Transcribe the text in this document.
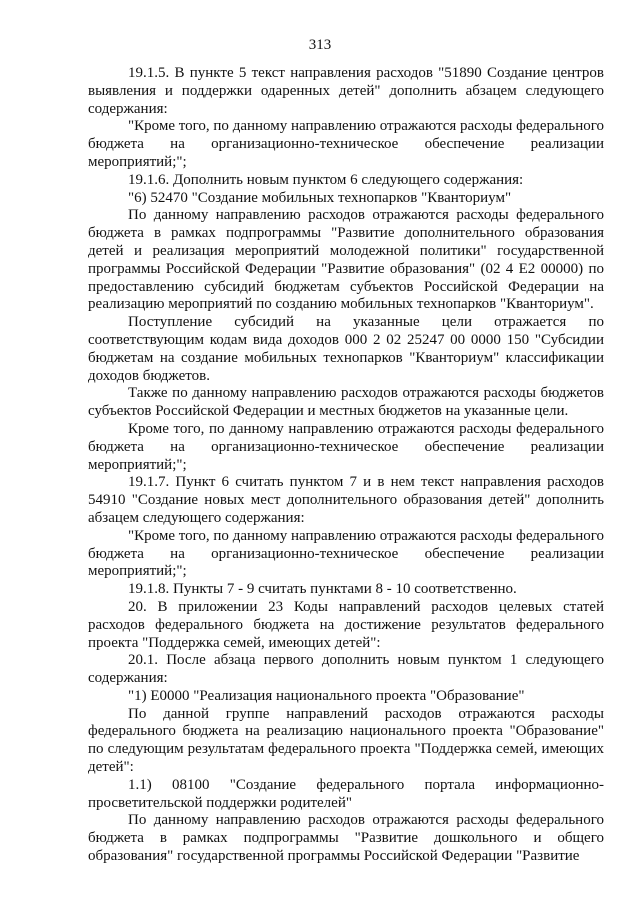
313

19.1.5. В пункте 5 текст направления расходов "51890 Создание центров выявления и поддержки одаренных детей" дополнить абзацем следующего содержания:

"Кроме того, по данному направлению отражаются расходы федерального бюджета на организационно-техническое обеспечение реализации мероприятий;";

19.1.6. Дополнить новым пунктом 6 следующего содержания:

"6) 52470 "Создание мобильных технопарков "Кванториум"

По данному направлению расходов отражаются расходы федерального бюджета в рамках подпрограммы "Развитие дополнительного образования детей и реализация мероприятий молодежной политики" государственной программы Российской Федерации "Развитие образования" (02 4 E2 00000) по предоставлению субсидий бюджетам субъектов Российской Федерации на реализацию мероприятий по созданию мобильных технопарков "Кванториум".

Поступление субсидий на указанные цели отражается по соответствующим кодам вида доходов 000 2 02 25247 00 0000 150 "Субсидии бюджетам на создание мобильных технопарков "Кванториум" классификации доходов бюджетов.

Также по данному направлению расходов отражаются расходы бюджетов субъектов Российской Федерации и местных бюджетов на указанные цели.

Кроме того, по данному направлению отражаются расходы федерального бюджета на организационно-техническое обеспечение реализации мероприятий;";

19.1.7. Пункт 6 считать пунктом 7 и в нем текст направления расходов 54910 "Создание новых мест дополнительного образования детей" дополнить абзацем следующего содержания:

"Кроме того, по данному направлению отражаются расходы федерального бюджета на организационно-техническое обеспечение реализации мероприятий;";

19.1.8. Пункты 7 - 9 считать пунктами 8 - 10 соответственно.

20. В приложении 23 Коды направлений расходов целевых статей расходов федерального бюджета на достижение результатов федерального проекта "Поддержка семей, имеющих детей":

20.1. После абзаца первого дополнить новым пунктом 1 следующего содержания:

"1) E0000 "Реализация национального проекта "Образование"

По данной группе направлений расходов отражаются расходы федерального бюджета на реализацию национального проекта "Образование" по следующим результатам федерального проекта "Поддержка семей, имеющих детей":

1.1) 08100 "Создание федерального портала информационно-просветительской поддержки родителей"

По данному направлению расходов отражаются расходы федерального бюджета в рамках подпрограммы "Развитие дошкольного и общего образования" государственной программы Российской Федерации "Развитие
